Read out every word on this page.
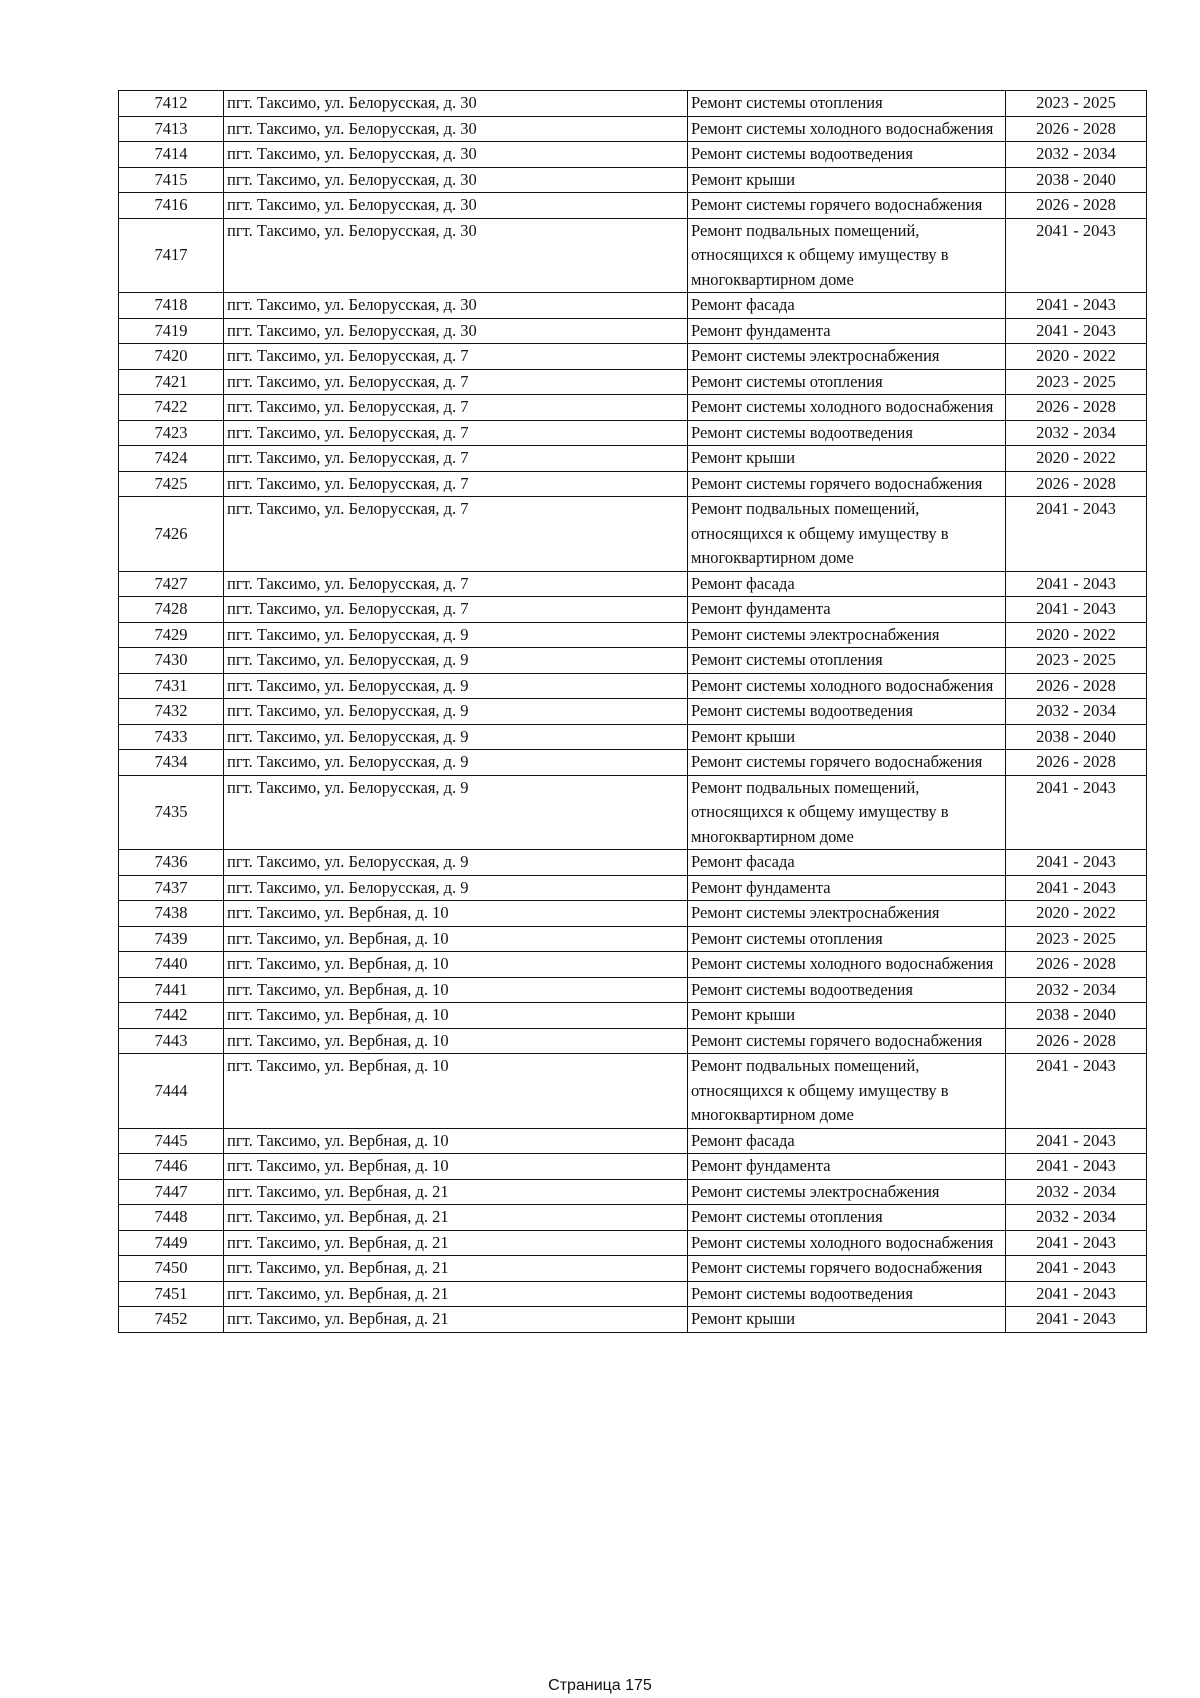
7412	пгт. Таксимо, ул. Белорусская, д. 30	Ремонт системы отопления	2023 - 2025
7413	пгт. Таксимо, ул. Белорусская, д. 30	Ремонт системы холодного водоснабжения	2026 - 2028
7414	пгт. Таксимо, ул. Белорусская, д. 30	Ремонт системы водоотведения	2032 - 2034
7415	пгт. Таксимо, ул. Белорусская, д. 30	Ремонт крыши	2038 - 2040
7416	пгт. Таксимо, ул. Белорусская, д. 30	Ремонт системы горячего водоснабжения	2026 - 2028
7417	пгт. Таксимо, ул. Белорусская, д. 30	Ремонт подвальных помещений, относящихся к общему имуществу в многоквартирном доме	2041 - 2043
7418	пгт. Таксимо, ул. Белорусская, д. 30	Ремонт фасада	2041 - 2043
7419	пгт. Таксимо, ул. Белорусская, д. 30	Ремонт фундамента	2041 - 2043
7420	пгт. Таксимо, ул. Белорусская, д. 7	Ремонт системы электроснабжения	2020 - 2022
7421	пгт. Таксимо, ул. Белорусская, д. 7	Ремонт системы отопления	2023 - 2025
7422	пгт. Таксимо, ул. Белорусская, д. 7	Ремонт системы холодного водоснабжения	2026 - 2028
7423	пгт. Таксимо, ул. Белорусская, д. 7	Ремонт системы водоотведения	2032 - 2034
7424	пгт. Таксимо, ул. Белорусская, д. 7	Ремонт крыши	2020 - 2022
7425	пгт. Таксимо, ул. Белорусская, д. 7	Ремонт системы горячего водоснабжения	2026 - 2028
7426	пгт. Таксимо, ул. Белорусская, д. 7	Ремонт подвальных помещений, относящихся к общему имуществу в многоквартирном доме	2041 - 2043
7427	пгт. Таксимо, ул. Белорусская, д. 7	Ремонт фасада	2041 - 2043
7428	пгт. Таксимо, ул. Белорусская, д. 7	Ремонт фундамента	2041 - 2043
7429	пгт. Таксимо, ул. Белорусская, д. 9	Ремонт системы электроснабжения	2020 - 2022
7430	пгт. Таксимо, ул. Белорусская, д. 9	Ремонт системы отопления	2023 - 2025
7431	пгт. Таксимо, ул. Белорусская, д. 9	Ремонт системы холодного водоснабжения	2026 - 2028
7432	пгт. Таксимо, ул. Белорусская, д. 9	Ремонт системы водоотведения	2032 - 2034
7433	пгт. Таксимо, ул. Белорусская, д. 9	Ремонт крыши	2038 - 2040
7434	пгт. Таксимо, ул. Белорусская, д. 9	Ремонт системы горячего водоснабжения	2026 - 2028
7435	пгт. Таксимо, ул. Белорусская, д. 9	Ремонт подвальных помещений, относящихся к общему имуществу в многоквартирном доме	2041 - 2043
7436	пгт. Таксимо, ул. Белорусская, д. 9	Ремонт фасада	2041 - 2043
7437	пгт. Таксимо, ул. Белорусская, д. 9	Ремонт фундамента	2041 - 2043
7438	пгт. Таксимо, ул. Вербная, д. 10	Ремонт системы электроснабжения	2020 - 2022
7439	пгт. Таксимо, ул. Вербная, д. 10	Ремонт системы отопления	2023 - 2025
7440	пгт. Таксимо, ул. Вербная, д. 10	Ремонт системы холодного водоснабжения	2026 - 2028
7441	пгт. Таксимо, ул. Вербная, д. 10	Ремонт системы водоотведения	2032 - 2034
7442	пгт. Таксимо, ул. Вербная, д. 10	Ремонт крыши	2038 - 2040
7443	пгт. Таксимо, ул. Вербная, д. 10	Ремонт системы горячего водоснабжения	2026 - 2028
7444	пгт. Таксимо, ул. Вербная, д. 10	Ремонт подвальных помещений, относящихся к общему имуществу в многоквартирном доме	2041 - 2043
7445	пгт. Таксимо, ул. Вербная, д. 10	Ремонт фасада	2041 - 2043
7446	пгт. Таксимо, ул. Вербная, д. 10	Ремонт фундамента	2041 - 2043
7447	пгт. Таксимо, ул. Вербная, д. 21	Ремонт системы электроснабжения	2032 - 2034
7448	пгт. Таксимо, ул. Вербная, д. 21	Ремонт системы отопления	2032 - 2034
7449	пгт. Таксимо, ул. Вербная, д. 21	Ремонт системы холодного водоснабжения	2041 - 2043
7450	пгт. Таксимо, ул. Вербная, д. 21	Ремонт системы горячего водоснабжения	2041 - 2043
7451	пгт. Таксимо, ул. Вербная, д. 21	Ремонт системы водоотведения	2041 - 2043
7452	пгт. Таксимо, ул. Вербная, д. 21	Ремонт крыши	2041 - 2043
Страница 175
